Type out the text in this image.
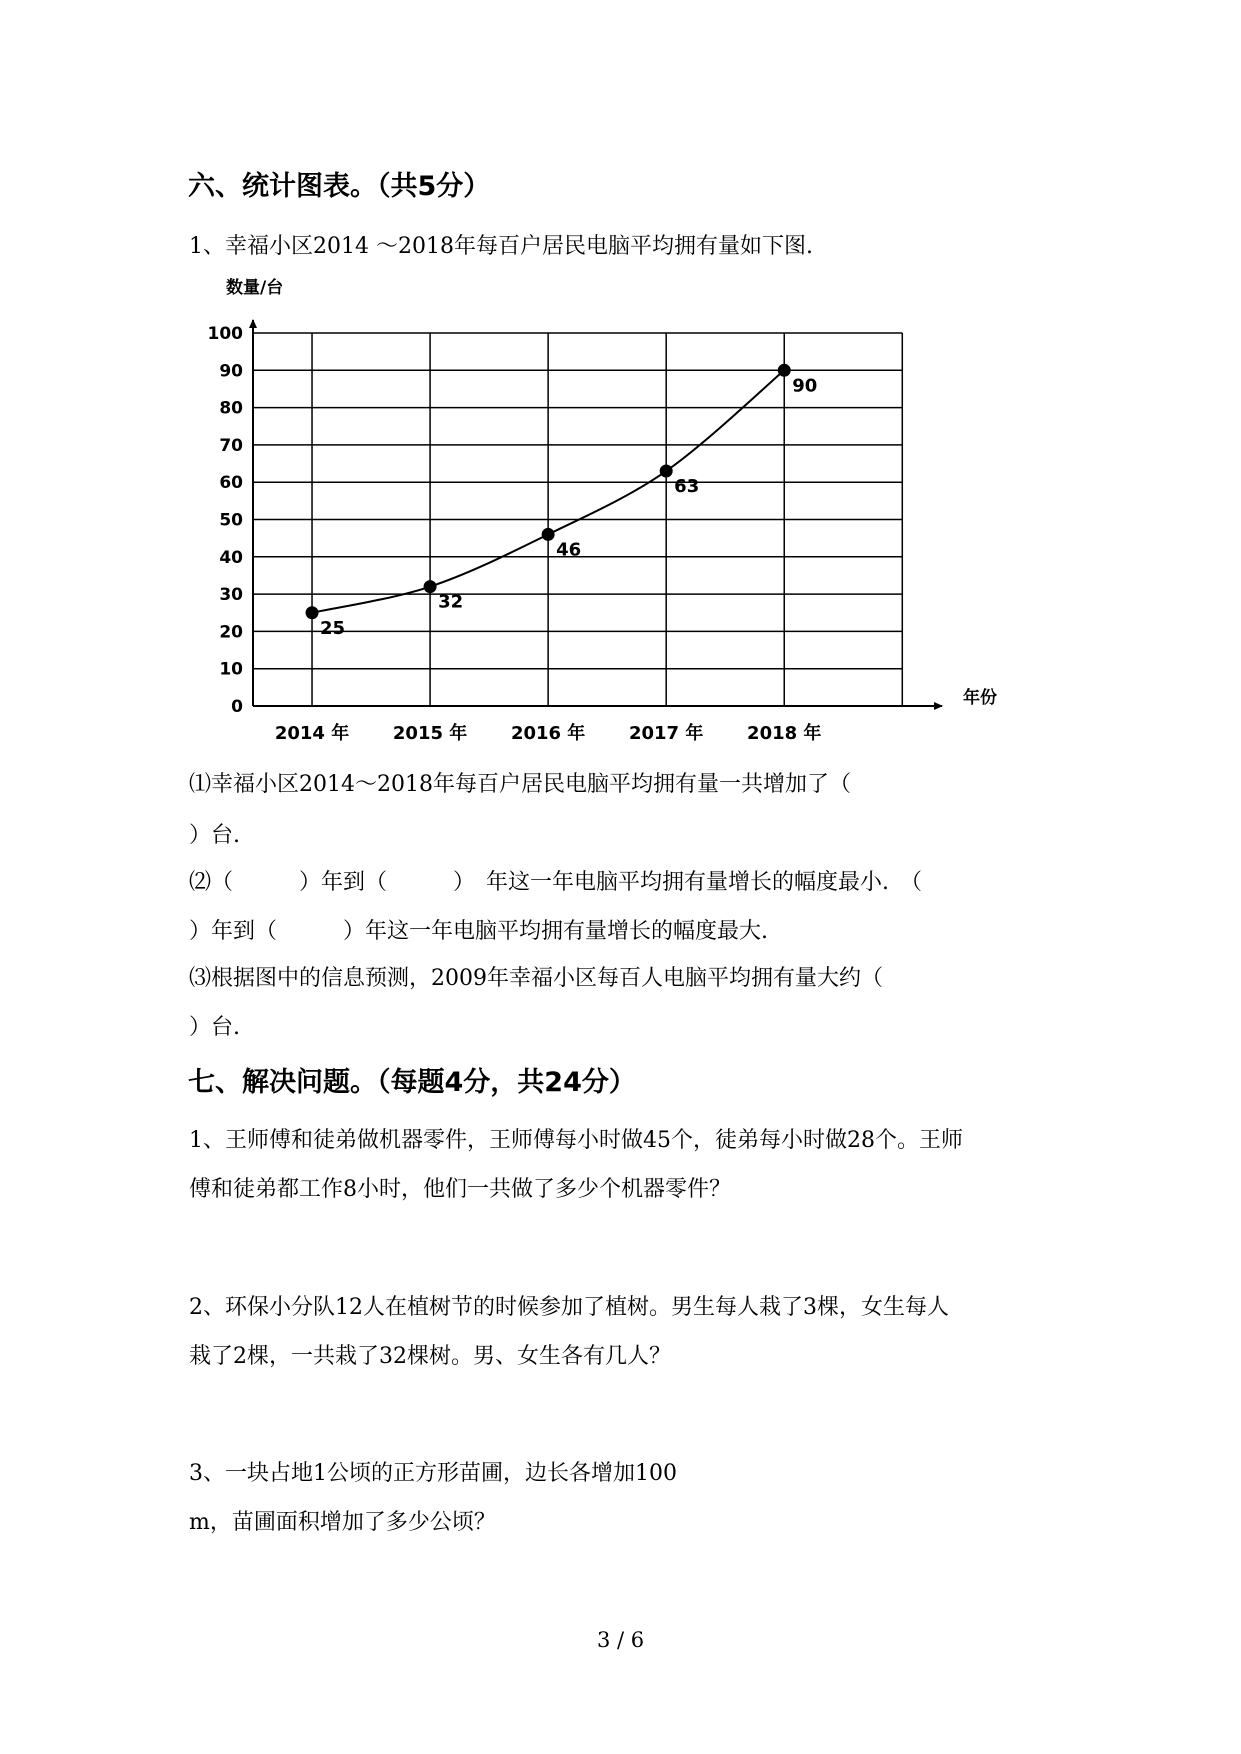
六、统计图表。（共5分）
1、幸福小区2014 ～2018年每百户居民电脑平均拥有量如下图.
数量/台
年份
0
10
20
30
40
50
60
70
80
90
100
2014 年 2015 年 2016 年 2017 年 2018 年
25
32
46
63
90
⑴幸福小区2014～2018年每百户居民电脑平均拥有量一共增加了（
）台.
⑵（　　　）年到（　　　）　年这一年电脑平均拥有量增长的幅度最小.　（
）年到（　　　）年这一年电脑平均拥有量增长的幅度最大.
⑶根据图中的信息预测，2009年幸福小区每百人电脑平均拥有量大约（
）台.
七、解决问题。（每题4分，共24分）
1、王师傅和徒弟做机器零件，王师傅每小时做45个，徒弟每小时做28个。王师
傅和徒弟都工作8小时，他们一共做了多少个机器零件？
2、环保小分队12人在植树节的时候参加了植树。男生每人栽了3棵，女生每人
栽了2棵，一共栽了32棵树。男、女生各有几人？
3、一块占地1公顷的正方形苗圃，边长各增加100
m，苗圃面积增加了多少公顷？
3 / 6
